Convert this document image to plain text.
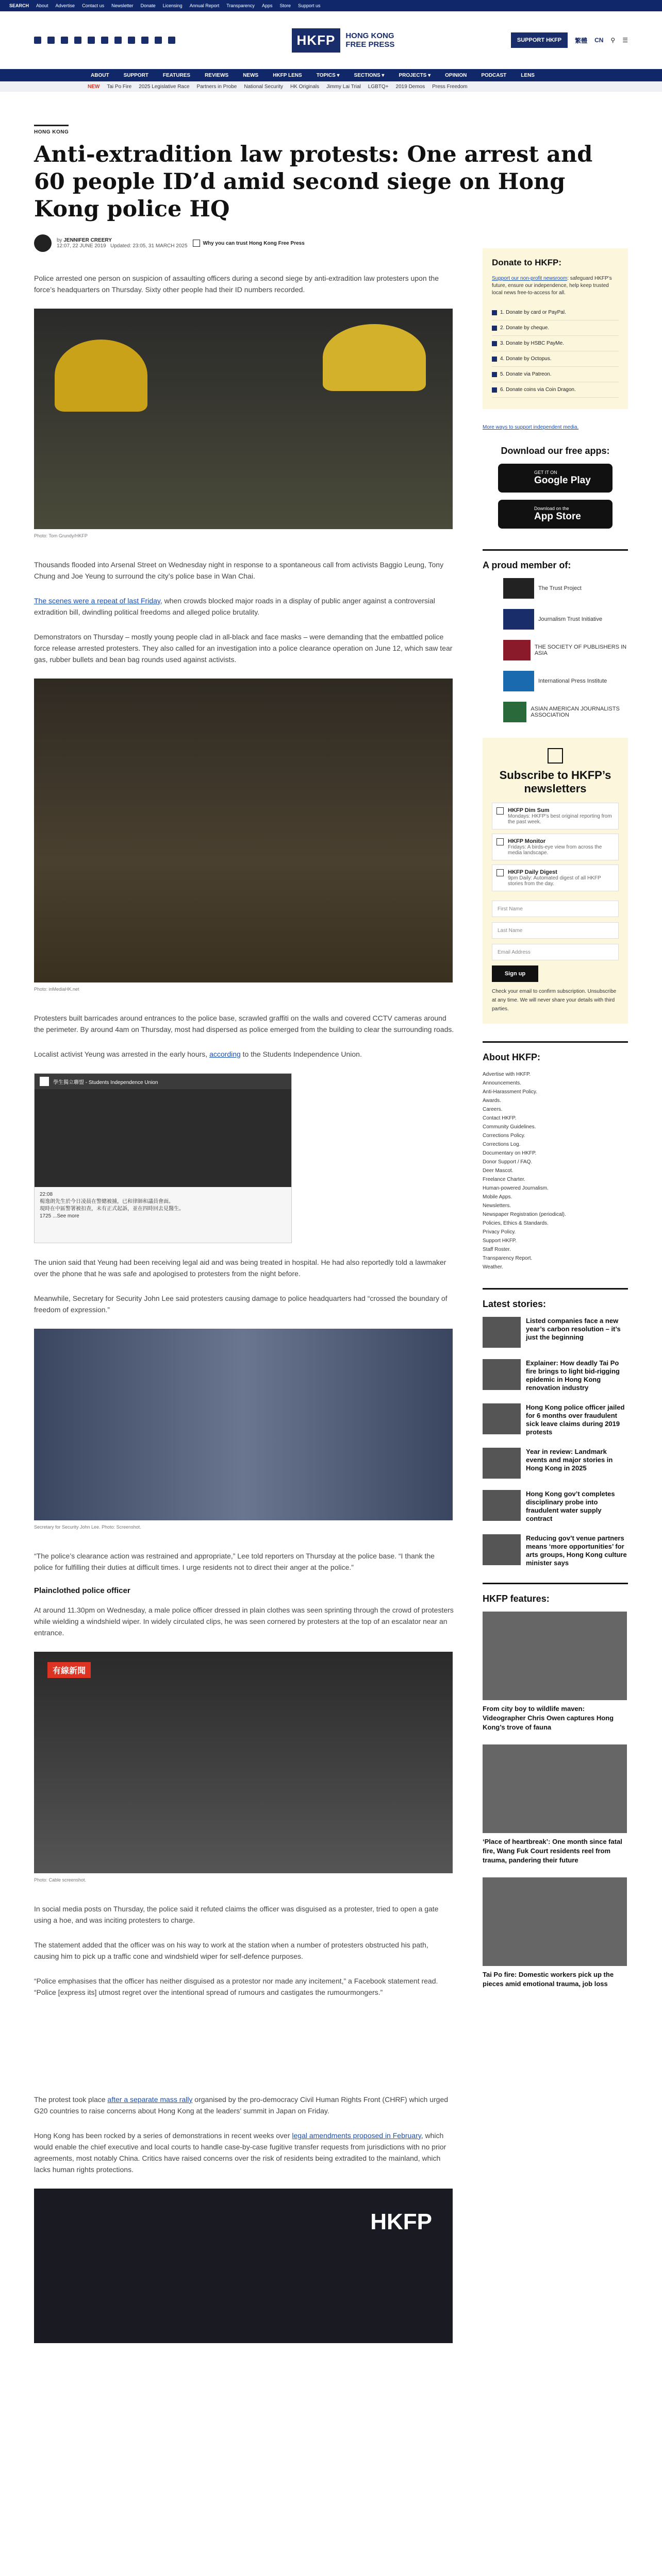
SEARCH About Advertise Contact us Newsletter Donate Licensing Annual Report Transparency Apps Store Support us
HKFP	HONG KONG
FREE PRESS	SUPPORT HKFP	繁體 CN ⚲ ☰
ABOUT	SUPPORT	FEATURES	REVIEWS	NEWS	HKFP LENS	TOPICS ▾	SECTIONS ▾	PROJECTS ▾	OPINION	PODCAST	LENS
NEW Tai Po Fire 2025 Legislative Race Partners in Probe National Security HK Originals Jimmy Lai Trial LGBTQ+ 2019 Demos Press Freedom
HONG KONG
Anti-extradition law protests: One arrest and 60 people ID’d amid second siege on Hong Kong police HQ
by JENNIFER CREERY
12:07, 22 JUNE 2019 Updated: 23:05, 31 MARCH 2025	Why you can trust Hong Kong Free Press

Police arrested one person on suspicion of assaulting officers during a second siege by anti-extradition law protesters upon the force’s headquarters on Thursday. Sixty other people had their ID numbers recorded.

Photo: Tom Grundy/HKFP

Thousands flooded into Arsenal Street on Wednesday night in response to a spontaneous call from activists Baggio Leung, Tony Chung and Joe Yeung to surround the city’s police base in Wan Chai.

The scenes were a repeat of last Friday, when crowds blocked major roads in a display of public anger against a controversial extradition bill, dwindling political freedoms and alleged police brutality.

Demonstrators on Thursday – mostly young people clad in all-black and face masks – were demanding that the embattled police force release arrested protesters. They also called for an investigation into a police clearance operation on June 12, which saw tear gas, rubber bullets and bean bag rounds used against activists.

Photo: inMediaHK.net

Protesters built barricades around entrances to the police base, scrawled graffiti on the walls and covered CCTV cameras around the perimeter. By around 4am on Thursday, most had dispersed as police emerged from the building to clear the surrounding roads.

Localist activist Yeung was arrested in the early hours, according to the Students Independence Union.

學生獨立聯盟 - Students Independence Union
22:08
楊逸朗先生於今日凌晨在警總被捕，已和律師和議員會面。
現時在中區警署被扣查，未有正式起訴，並在四時回去見醫生。
1725 ...See more

The union said that Yeung had been receiving legal aid and was being treated in hospital. He had also reportedly told a lawmaker over the phone that he was safe and apologised to protesters from the night before.

Meanwhile, Secretary for Security John Lee said protesters causing damage to police headquarters had “crossed the boundary of freedom of expression.”

Secretary for Security John Lee. Photo: Screenshot.

“The police’s clearance action was restrained and appropriate,” Lee told reporters on Thursday at the police base. “I thank the police for fulfilling their duties at difficult times. I urge residents not to direct their anger at the police.”

Plainclothed police officer

At around 11.30pm on Wednesday, a male police officer dressed in plain clothes was seen sprinting through the crowd of protesters while wielding a windshield wiper. In widely circulated clips, he was seen cornered by protesters at the top of an escalator near an entrance.

有線新聞
Photo: Cable screenshot.

In social media posts on Thursday, the police said it refuted claims the officer was disguised as a protester, tried to open a gate using a hoe, and was inciting protesters to charge.

The statement added that the officer was on his way to work at the station when a number of protesters obstructed his path, causing him to pick up a traffic cone and windshield wiper for self-defence purposes.

“Police emphasises that the officer has neither disguised as a protestor nor made any incitement,” a Facebook statement read. “Police [express its] utmost regret over the intentional spread of rumours and castigates the rumourmongers.”

The protest took place after a separate mass rally organised by the pro-democracy Civil Human Rights Front (CHRF) which urged G20 countries to raise concerns about Hong Kong at the leaders’ summit in Japan on Friday.

Hong Kong has been rocked by a series of demonstrations in recent weeks over legal amendments proposed in February, which would enable the chief executive and local courts to handle case-by-case fugitive transfer requests from jurisdictions with no prior agreements, most notably China. Critics have raised concerns over the risk of residents being extradited to the mainland, which lacks human rights protections.

HKFP
Donate to HKFP:
Support our non-profit newsroom: safeguard HKFP’s future, ensure our independence, help keep trusted local news free-to-access for all.
1. Donate by card or PayPal.
2. Donate by cheque.
3. Donate by HSBC PayMe.
4. Donate by Octopus.
5. Donate via Patreon.
6. Donate coins via Coin Dragon.
More ways to support independent media.
Download our free apps:
GET IT ON
Google Play
Download on the
App Store
A proud member of:
The Trust Project
Journalism Trust Initiative
THE SOCIETY OF PUBLISHERS IN ASIA
International Press Institute
ASIAN AMERICAN JOURNALISTS ASSOCIATION
Subscribe to HKFP’s newsletters
HKFP Dim Sum
Mondays: HKFP’s best original reporting from the past week.
HKFP Monitor
Fridays: A birds-eye view from across the media landscape.
HKFP Daily Digest
9pm Daily: Automated digest of all HKFP stories from the day.
First Name
Last Name
Email Address
Sign up
Check your email to confirm subscription. Unsubscribe at any time. We will never share your details with third parties.
About HKFP:
Advertise with HKFP.
Announcements.
Anti-Harassment Policy.
Awards.
Careers.
Contact HKFP.
Community Guidelines.
Corrections Policy.
Corrections Log.
Documentary on HKFP.
Donor Support / FAQ.
Deer Mascot.
Freelance Charter.
Human-powered Journalism.
Mobile Apps.
Newsletters.
Newspaper Registration (periodical).
Policies, Ethics & Standards.
Privacy Policy.
Support HKFP.
Staff Roster.
Transparency Report.
Weather.
Latest stories:
Listed companies face a new year’s carbon resolution – it’s just the beginning
Explainer: How deadly Tai Po fire brings to light bid-rigging epidemic in Hong Kong renovation industry
Hong Kong police officer jailed for 6 months over fraudulent sick leave claims during 2019 protests
Year in review: Landmark events and major stories in Hong Kong in 2025
Hong Kong gov’t completes disciplinary probe into fraudulent water supply contract
Reducing gov’t venue partners means ‘more opportunities’ for arts groups, Hong Kong culture minister says
HKFP features:
From city boy to wildlife maven: Videographer Chris Owen captures Hong Kong’s trove of fauna
‘Place of heartbreak’: One month since fatal fire, Wang Fuk Court residents reel from trauma, pandering their future
Tai Po fire: Domestic workers pick up the pieces amid emotional trauma, job loss
